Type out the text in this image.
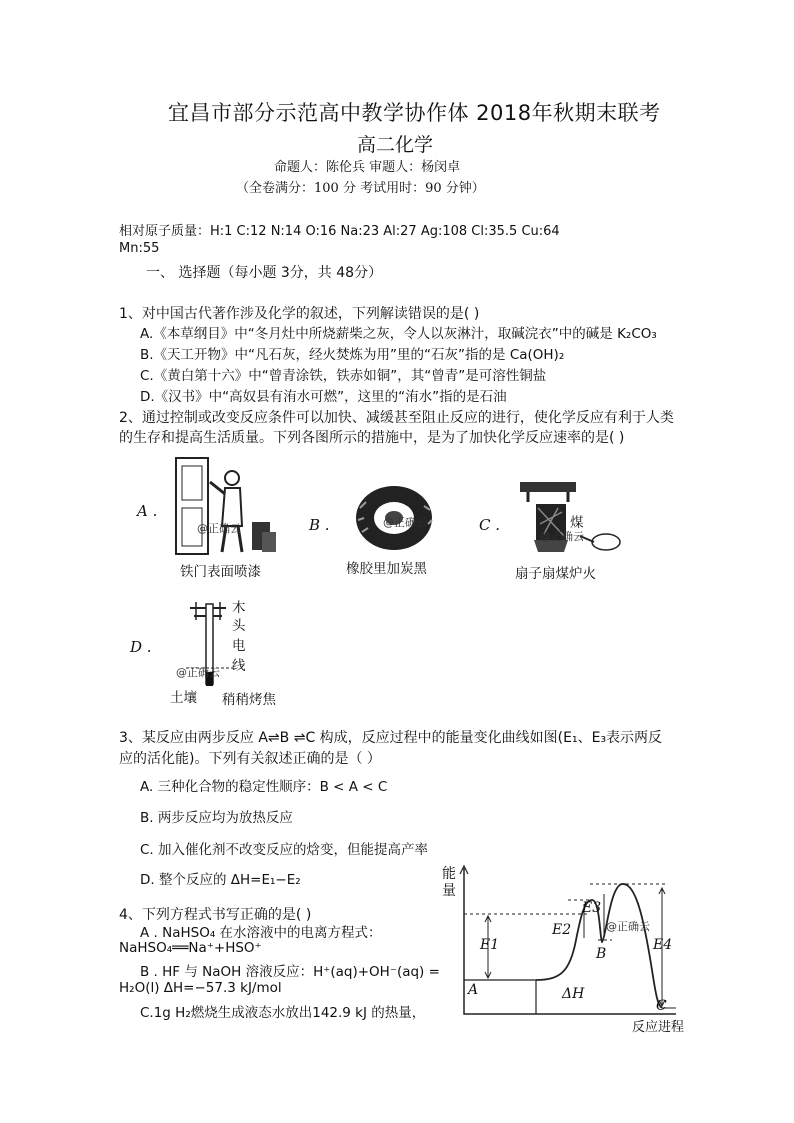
宜昌市部分示范高中教学协作体 2018年秋期末联考
高二化学
命题人：陈伦兵 审题人：杨闵卓
（全卷满分：100 分 考试用时：90 分钟）
相对原子质量：H:1 C:12 N:14 O:16 Na:23 Al:27 Ag:108 Cl:35.5 Cu:64
Mn:55
一、 选择题（每小题 3分，共 48分）
1、对中国古代著作涉及化学的叙述，下列解读错误的是( )
A.《本草纲目》中“冬月灶中所烧薪柴之灰，令人以灰淋汁，取碱浣衣”中的碱是 K₂CO₃
B.《天工开物》中“凡石灰，经火焚炼为用”里的“石灰”指的是 Ca(OH)₂
C.《黄白第十六》中“曾青涂铁，铁赤如铜”，其“曾青”是可溶性铜盐
D.《汉书》中“高奴县有洧水可燃”，这里的“洧水”指的是石油
2、通过控制或改变反应条件可以加快、减缓甚至阻止反应的进行，使化学反应有利于人类
的生存和提高生活质量。下列各图所示的措施中，是为了加快化学反应速率的是( )
A .
@正确云
铁门表面喷漆
B .	@正确云
橡胶里加炭黑
C .	煤
@正确云
扇子扇煤炉火
D .
木
头
电
线
@正确云
土壤 稍稍烤焦
3、某反应由两步反应 A⇌B ⇌C 构成，反应过程中的能量变化曲线如图(E₁、E₃表示两反
应的活化能)。下列有关叙述正确的是（ ）
A. 三种化合物的稳定性顺序：B < A < C
B. 两步反应均为放热反应
C. 加入催化剂不改变反应的焓变，但能提高产率
D. 整个反应的 ΔH=E₁−E₂
4、下列方程式书写正确的是( )
A . NaHSO₄ 在水溶液中的电离方程式：
NaHSO₄══Na⁺+HSO⁺
B . HF 与 NaOH 溶液反应：H⁺(aq)+OH⁻(aq) =
H₂O(l) ΔH=−57.3 kJ/mol
C.1g H₂燃烧生成液态水放出142.9 kJ 的热量，
能
量
E1
E2
E3
E4
@正确云
A
B
C
ΔH
反应进程
